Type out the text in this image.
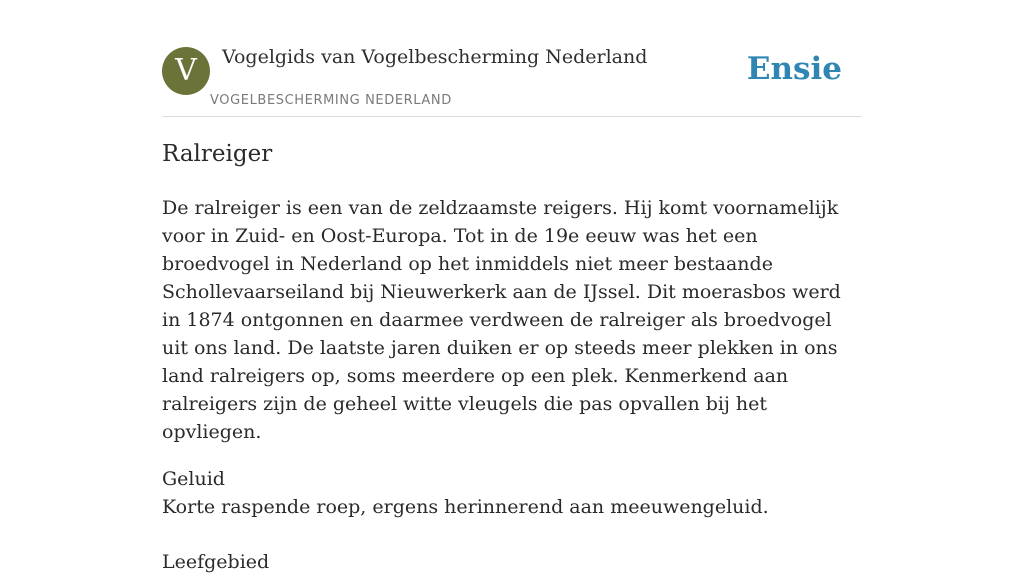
V	Vogelgids van Vogelbescherming Nederland
VOGELBESCHERMING NEDERLAND
Ensie
Ralreiger

De ralreiger is een van de zeldzaamste reigers. Hij komt voornamelijk voor in Zuid- en Oost-Europa. Tot in de 19e eeuw was het een broedvogel in Nederland op het inmiddels niet meer bestaande Schollevaarseiland bij Nieuwerkerk aan de IJssel. Dit moerasbos werd in 1874 ontgonnen en daarmee verdween de ralreiger als broedvogel uit ons land. De laatste jaren duiken er op steeds meer plekken in ons land ralreigers op, soms meerdere op een plek. Kenmerkend aan ralreigers zijn de geheel witte vleugels die pas opvallen bij het opvliegen.

Geluid
Korte raspende roep, ergens herinnerend aan meeuwengeluid.
Leefgebied
